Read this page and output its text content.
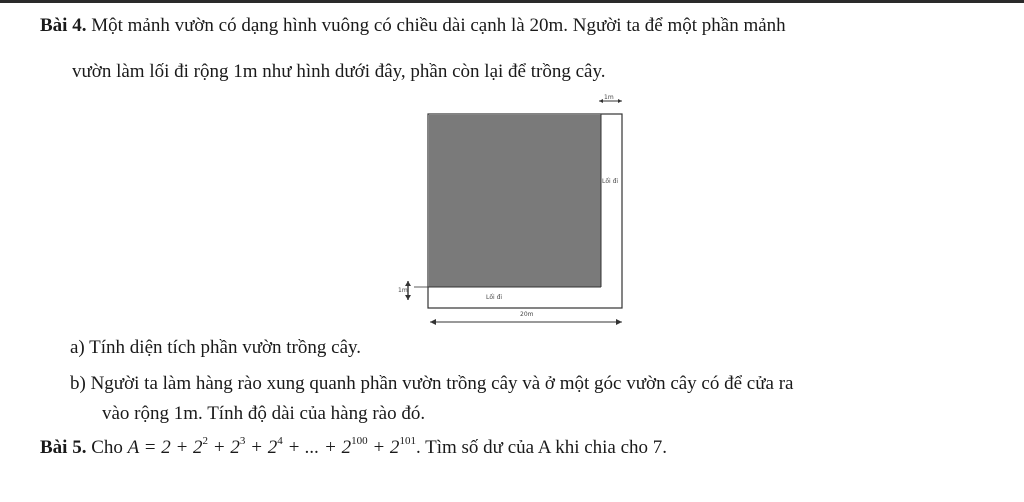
Bài 4. Một mảnh vườn có dạng hình vuông có chiều dài cạnh là 20m. Người ta để một phần mảnh
vườn làm lối đi rộng 1m như hình dưới đây, phần còn lại để trồng cây.
1m
Lối đi
Lối đi
1m
20m
a) Tính diện tích phần vườn trồng cây.
b) Người ta làm hàng rào xung quanh phần vườn trồng cây và ở một góc vườn cây có để cửa ra
vào rộng 1m. Tính độ dài của hàng rào đó.
Bài 5. Cho $A = 2 + 2^2 + 2^3 + 2^4$ + ... + $2^{100} + 2^{101}$. Tìm số dư của A khi chia cho 7.
